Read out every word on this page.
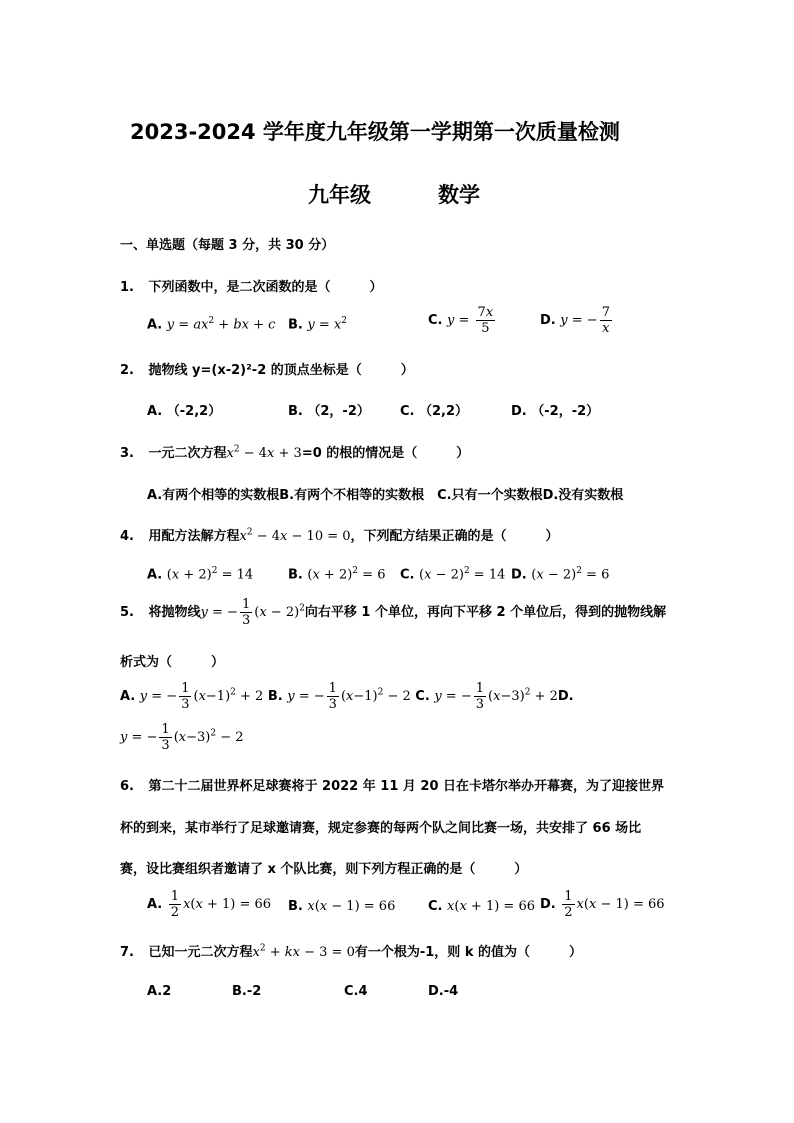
2023-2024 学年度九年级第一学期第一次质量检测
九年级	数学
一、单选题（每题 3 分，共 30 分）
1. 下列函数中，是二次函数的是（　　　）
A. $y = ax^2$ + bx + c B. $y = x^2$	C. $y = \frac{7x}{5}$	D. y = − $\frac{7}{x}$
2. 抛物线 y=(x-2)²-2 的顶点坐标是（　　　）
A. （-2,2）	B. （2，-2） C. （2,2）	D. （-2，-2）
3. 一元二次方程$x^2 - 4x + 3=0$ 的根的情况是（　　　）
A.有两个相等的实数根B.有两个不相等的实数根　C.只有一个实数根D.没有实数根
4. 用配方法解方程$x^2 - 4x - 10 = 0$，下列配方结果正确的是（　　　）
A. $(x + 2)^2 = 14$	B. $(x + 2)^2 = 6$ C. $(x - 2)^2 = 14$ D. $(x - 2)^2 = 6$
5. 将抛物线y = − $\frac{1}{3} (x - 2)^2$向右平移 1 个单位，再向下平移 2 个单位后，得到的抛物线解
析式为（　　　）
A. y = − $\frac{1}{3} (x-1)^2 + 2$ B. y = − $\frac{1}{3} (x-1)^2 - 2$ C. y = − $\frac{1}{3} (x-3)^2 + 2D$.
y = − $\frac{1}{3} (x-3)^2 - 2$
6. 第二十二届世界杯足球赛将于 2022 年 11 月 20 日在卡塔尔举办开幕赛，为了迎接世界
杯的到来，某市举行了足球邀请赛，规定参赛的每两个队之间比赛一场，共安排了 66 场比
赛，设比赛组织者邀请了 x 个队比赛，则下列方程正确的是（　　　）
A. $\frac{1}{2} x(x + 1) = 66$ B. x(x − 1) = 66	C. x(x + 1) = 66 D. $\frac{1}{2} x(x - 1) = 66$
7. 已知一元二次方程$x^2$ + kx − 3 = 0有一个根为-1，则 k 的值为（　　　）
A.2	B.-2	C.4	D.-4
